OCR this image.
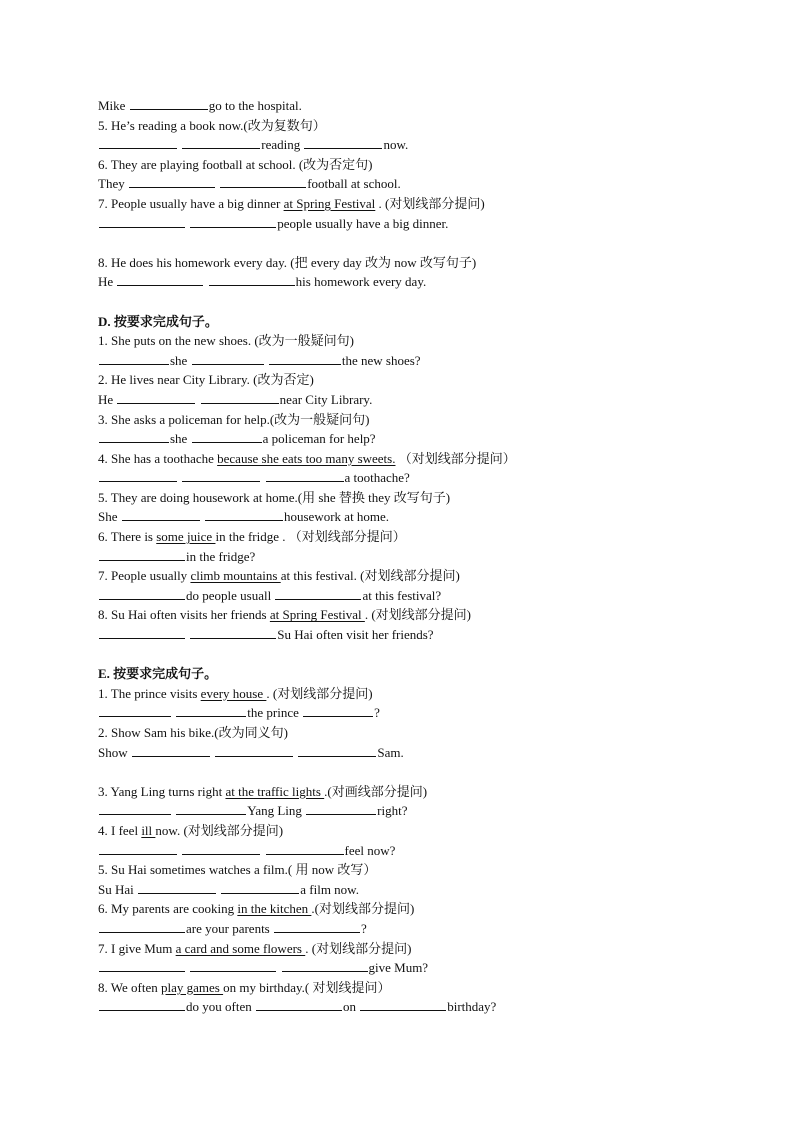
Mike	go to the hospital.
5. He’s reading a book now.(改为复数句）
reading	now.
6. They are playing football at school. (改为否定句)
They	football at school.
7. People usually have a big dinner at Spring Festival . (对划线部分提问)
people usually have a big dinner.
8. He does his homework every day. (把 every day 改为 now 改写句子)
He	his homework every day.
D. 按要求完成句子。
1. She puts on the new shoes. (改为一般疑问句)
she	the new shoes?
2. He lives near City Library. (改为否定)
He	near City Library.
3. She asks a policeman for help.(改为一般疑问句)
she	a policeman for help?
4. She has a toothache because she eats too many sweets. （对划线部分提问）
a toothache?
5. They are doing housework at home.(用 she 替换 they 改写句子)
She	housework at home.
6. There is some juice in the fridge . （对划线部分提问）
in the fridge?
7. People usually climb mountains at this festival. (对划线部分提问)
do people usuall	at this festival?
8. Su Hai often visits her friends at Spring Festival . (对划线部分提问)
Su Hai often visit her friends?
E. 按要求完成句子。
1. The prince visits every house . (对划线部分提问)
the prince	?
2. Show Sam his bike.(改为同义句)
Show	Sam.
3. Yang Ling turns right at the traffic lights .(对画线部分提问)
Yang Ling	right?
4. I feel ill now. (对划线部分提问)
feel now?
5. Su Hai sometimes watches a film.( 用 now 改写）
Su Hai	a film now.
6. My parents are cooking in the kitchen .(对划线部分提问)
are your parents	?
7. I give Mum a card and some flowers . (对划线部分提问)
give Mum?
8. We often play games on my birthday.( 对划线提问）
do you often	on	birthday?
